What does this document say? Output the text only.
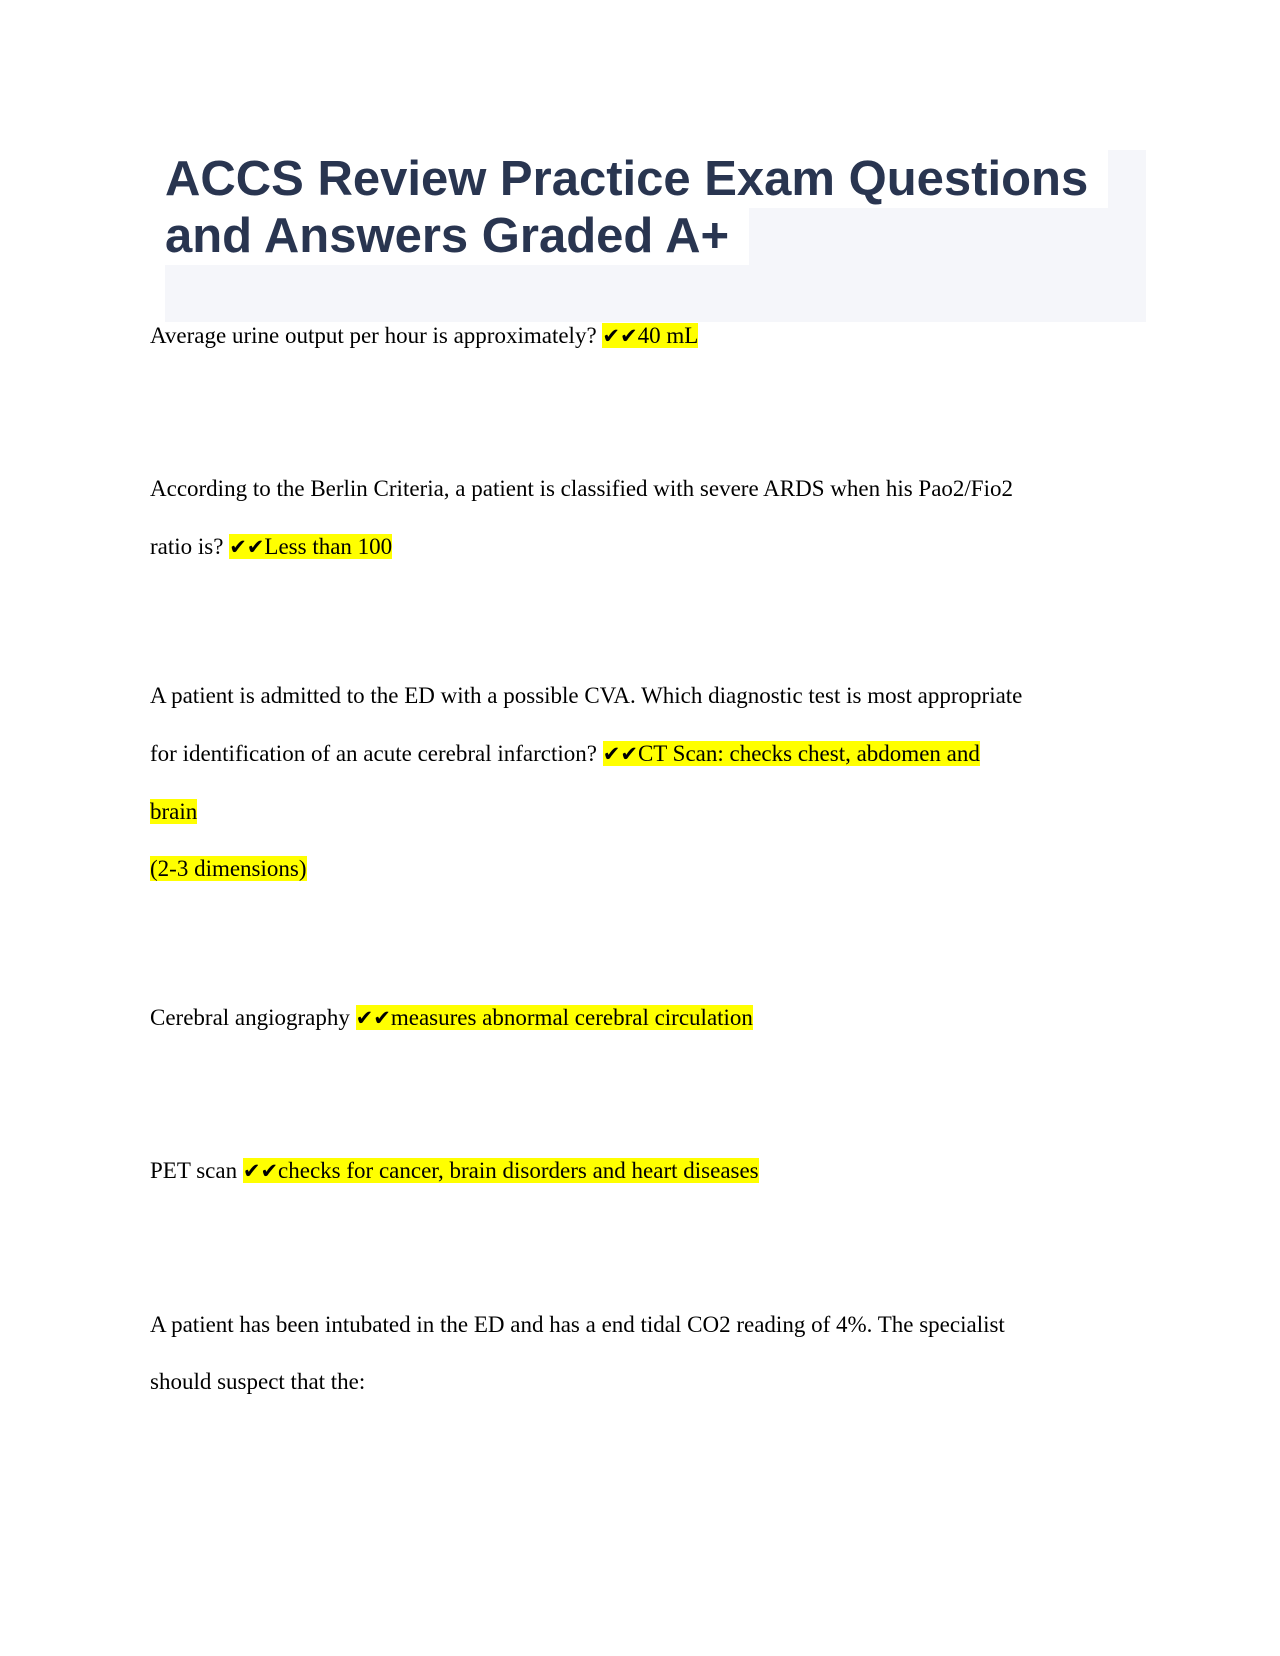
ACCS Review Practice Exam Questions
and Answers Graded A+
Average urine output per hour is approximately? ✔✔40 mL
According to the Berlin Criteria, a patient is classified with severe ARDS when his Pao2/Fio2
ratio is? ✔✔Less than 100
A patient is admitted to the ED with a possible CVA. Which diagnostic test is most appropriate
for identification of an acute cerebral infarction? ✔✔CT Scan: checks chest, abdomen and
brain
(2-3 dimensions)
Cerebral angiography ✔✔measures abnormal cerebral circulation
PET scan ✔✔checks for cancer, brain disorders and heart diseases
A patient has been intubated in the ED and has a end tidal CO2 reading of 4%. The specialist
should suspect that the:
